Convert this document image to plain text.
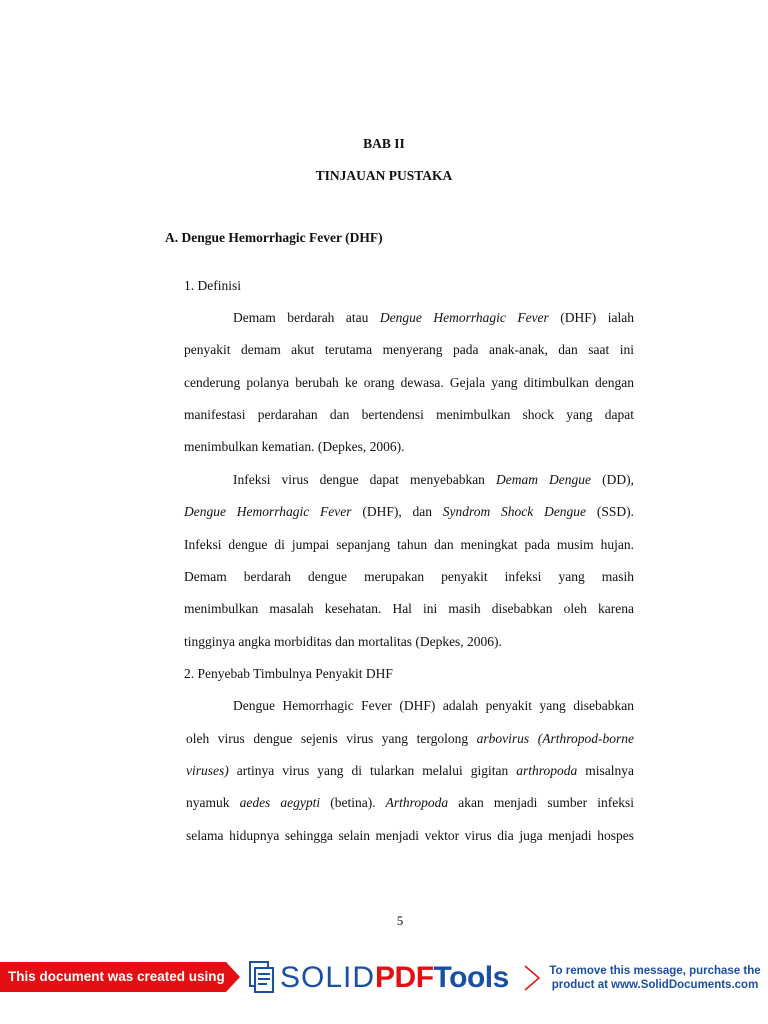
BAB II
TINJAUAN PUSTAKA
A. Dengue Hemorrhagic Fever (DHF)
1. Definisi
Demam berdarah atau Dengue Hemorrhagic Fever (DHF) ialah
penyakit demam akut terutama menyerang pada anak-anak, dan saat ini
cenderung polanya berubah ke orang dewasa. Gejala yang ditimbulkan dengan
manifestasi perdarahan dan bertendensi menimbulkan shock yang dapat
menimbulkan kematian. (Depkes, 2006).
Infeksi virus dengue dapat menyebabkan Demam Dengue (DD),
Dengue Hemorrhagic Fever (DHF), dan Syndrom Shock Dengue (SSD).
Infeksi dengue di jumpai sepanjang tahun dan meningkat pada musim hujan.
Demam berdarah dengue merupakan penyakit infeksi yang masih
menimbulkan masalah kesehatan. Hal ini masih disebabkan oleh karena
tingginya angka morbiditas dan mortalitas (Depkes, 2006).
2. Penyebab Timbulnya Penyakit DHF
Dengue Hemorrhagic Fever (DHF) adalah penyakit yang disebabkan
oleh virus dengue sejenis virus yang tergolong arbovirus (Arthropod-borne
viruses) artinya virus yang di tularkan melalui gigitan arthropoda misalnya
nyamuk aedes aegypti (betina). Arthropoda akan menjadi sumber infeksi
selama hidupnya sehingga selain menjadi vektor virus dia juga menjadi hospes
5
This document was created using SOLIDPDFTools	To remove this message, purchase the
product at www.SolidDocuments.com
